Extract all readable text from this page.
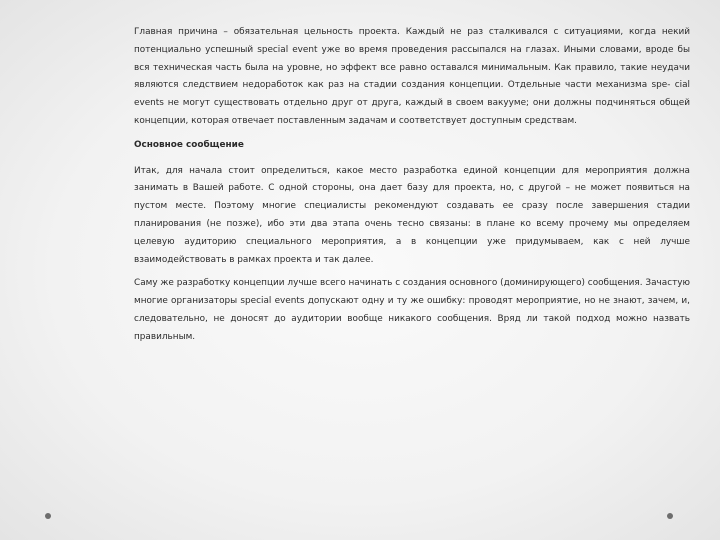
Главная причина – обязательная цельность проекта. Каждый не раз сталкивался с ситуациями, когда некий потенциально успешный special event уже во время проведения рассыпался на глазах. Иными словами, вроде бы вся техническая часть была на уровне, но эффект все равно оставался минимальным. Как правило, такие неудачи являются следствием недоработок как раз на стадии создания концепции. Отдельные части механизма spe- cial events не могут существовать отдельно друг от друга, каждый в своем вакууме; они должны подчиняться общей концепции, которая отвечает поставленным задачам и соответствует доступным средствам.

Основное сообщение

Итак, для начала стоит определиться, какое место разработка единой концепции для мероприятия должна занимать в Вашей работе. С одной стороны, она дает базу для проекта, но, с другой – не может появиться на пустом месте. Поэтому многие специалисты рекомендуют создавать ее сразу после завершения стадии планирования (не позже), ибо эти два этапа очень тесно связаны: в плане ко всему прочему мы определяем целевую аудиторию специального мероприятия, а в концепции уже придумываем, как с ней лучше взаимодействовать в рамках проекта и так далее.

Саму же разработку концепции лучше всего начинать с создания основного (доминирующего) сообщения. Зачастую многие организаторы special events допускают одну и ту же ошибку: проводят мероприятие, но не знают, зачем, и, следовательно, не доносят до аудитории вообще никакого сообщения. Вряд ли такой подход можно назвать правильным.
